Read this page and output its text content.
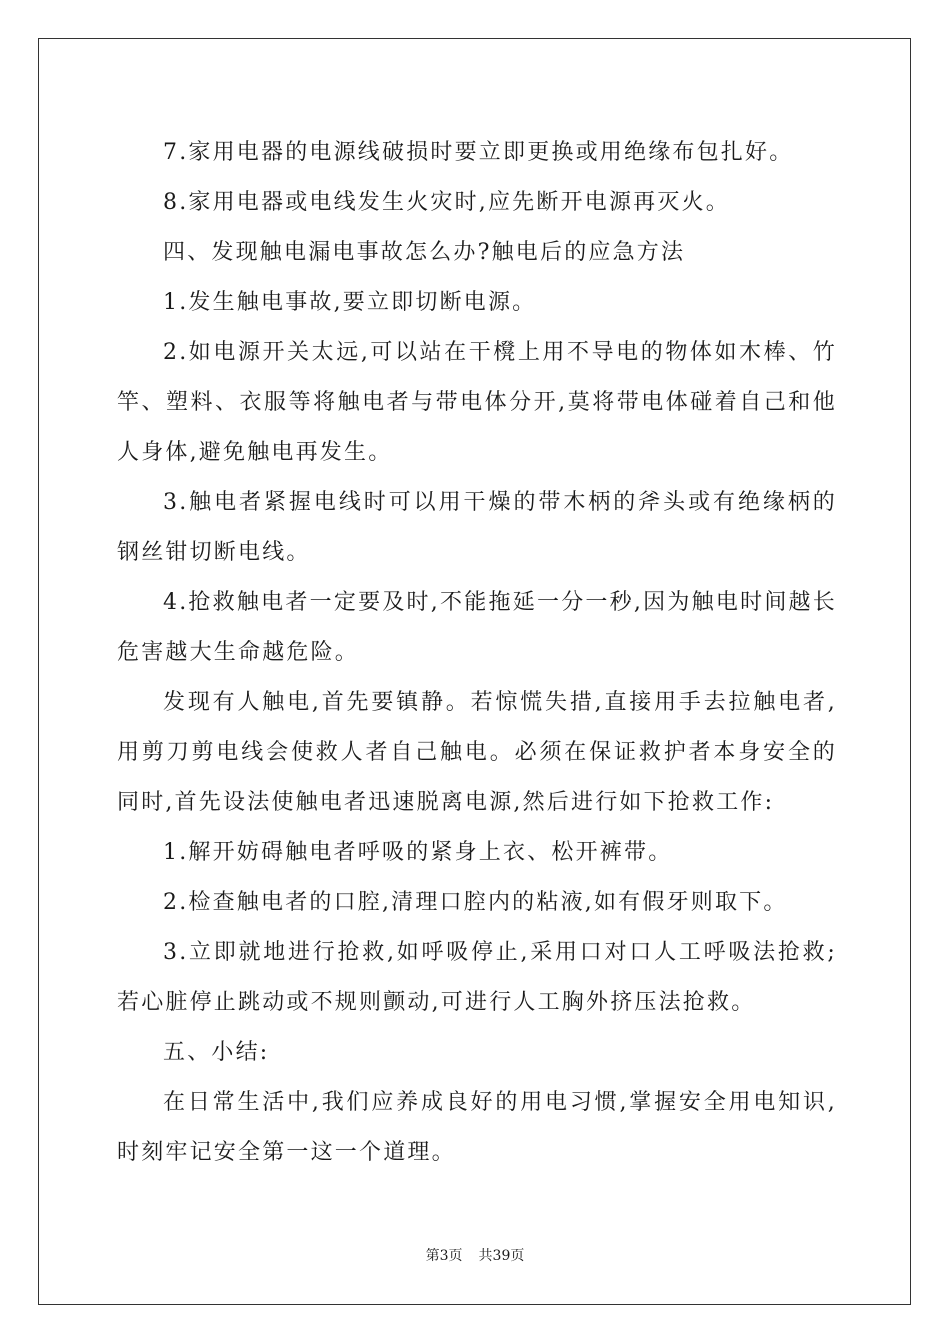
7.家用电器的电源线破损时要立即更换或用绝缘布包扎好。

8.家用电器或电线发生火灾时,应先断开电源再灭火。

四、发现触电漏电事故怎么办?触电后的应急方法

1.发生触电事故,要立即切断电源。

2.如电源开关太远,可以站在干櫈上用不导电的物体如木棒、竹竿、塑料、衣服等将触电者与带电体分开,莫将带电体碰着自己和他人身体,避免触电再发生。

3.触电者紧握电线时可以用干燥的带木柄的斧头或有绝缘柄的钢丝钳切断电线。

4.抢救触电者一定要及时,不能拖延一分一秒,因为触电时间越长危害越大生命越危险。

发现有人触电,首先要镇静。若惊慌失措,直接用手去拉触电者,用剪刀剪电线会使救人者自己触电。必须在保证救护者本身安全的同时,首先设法使触电者迅速脱离电源,然后进行如下抢救工作:

1.解开妨碍触电者呼吸的紧身上衣、松开裤带。

2.检查触电者的口腔,清理口腔内的粘液,如有假牙则取下。

3.立即就地进行抢救,如呼吸停止,采用口对口人工呼吸法抢救;若心脏停止跳动或不规则颤动,可进行人工胸外挤压法抢救。

五、小结:

在日常生活中,我们应养成良好的用电习惯,掌握安全用电知识,时刻牢记安全第一这一个道理。

第3页 共39页
